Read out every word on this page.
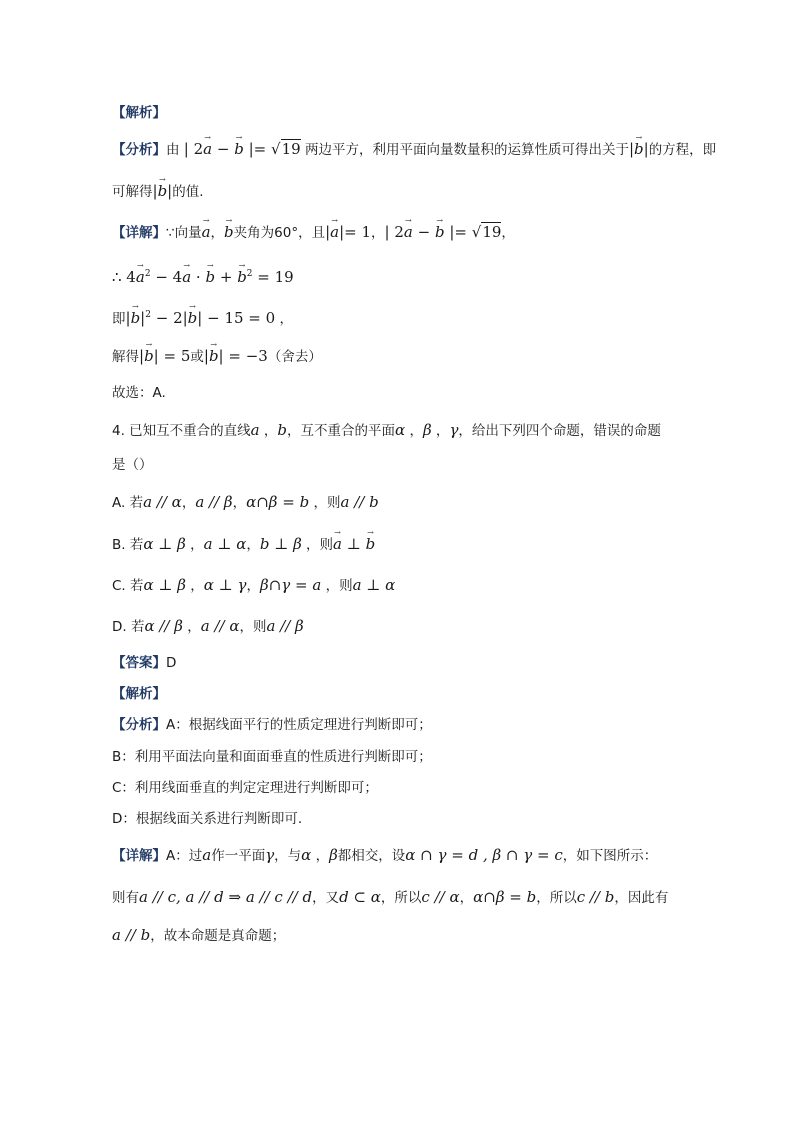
【解析】
【分析】由 | 2→ a − → b |= √19 两边平方，利用平面向量数量积的运算性质可得出关于|→ b|的方程，即
可解得|→ b|的值.
【详解】∵向量→ a，→ b夹角为60°，且|→ a|= 1，| 2→ a − → b |= √19，
∴ $4\to a^2 - 4\to a$ · → b + → $b^2 = 19$
即|→ $b|^2 - 2|\to b| - 15 = 0$ ，
解得|→ b| = 5或|→ b| = −3（舍去）
故选：A.
4. 已知互不重合的直线a ，b，互不重合的平面α ，β ，γ，给出下列四个命题，错误的命题
是（）
A. 若a // α，a // β，α∩β = b ，则a // b
B. 若α ⊥ β ，a ⊥ α，b ⊥ β ，则→ a ⊥ → b
C. 若α ⊥ β ，α ⊥ γ，β∩γ = a ，则a ⊥ α
D. 若α // β ，a // α，则a // β
【答案】D
【解析】
【分析】A：根据线面平行的性质定理进行判断即可；
B：利用平面法向量和面面垂直的性质进行判断即可；
C：利用线面垂直的判定定理进行判断即可；
D：根据线面关系进行判断即可.
【详解】A：过a作一平面γ，与α ，β都相交，设α ∩ γ = d , β ∩ γ = c，如下图所示：
则有a // c, a // d ⇒ a // c // d，又d ⊂ α，所以c // α，α∩β = b，所以c // b，因此有
a // b，故本命题是真命题；
